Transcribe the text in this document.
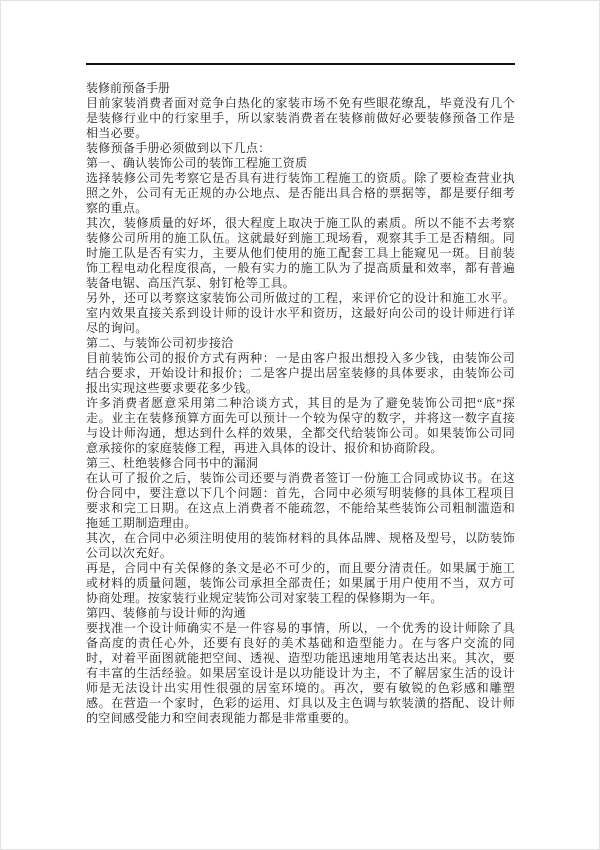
装修前预备手册

目前家装消费者面对竞争白热化的家装市场不免有些眼花缭乱，毕竟没有几个是装修行业中的行家里手，所以家装消费者在装修前做好必要装修预备工作是相当必要。

装修预备手册必须做到以下几点：

第一、确认装饰公司的装饰工程施工资质

选择装修公司先考察它是否具有进行装饰工程施工的资质。除了要检查营业执照之外，公司有无正规的办公地点、是否能出具合格的票据等，都是要仔细考察的重点。

其次，装修质量的好坏，很大程度上取决于施工队的素质。所以不能不去考察装修公司所用的施工队伍。这就最好到施工现场看，观察其手工是否精细。同时施工队是否有实力，主要从他们使用的施工配套工具上能窥见一斑。目前装饰工程电动化程度很高，一般有实力的施工队为了提高质量和效率，都有普遍装备电锯、高压汽泵、射钉枪等工具。

另外，还可以考察这家装饰公司所做过的工程，来评价它的设计和施工水平。室内效果直接关系到设计师的设计水平和资历，这最好向公司的设计师进行详尽的询问。

第二、与装饰公司初步接洽

目前装饰公司的报价方式有两种：一是由客户报出想投入多少钱，由装饰公司结合要求，开始设计和报价；二是客户提出居室装修的具体要求，由装饰公司报出实现这些要求要花多少钱。

许多消费者愿意采用第二种洽谈方式，其目的是为了避免装饰公司把“底”探走。业主在装修预算方面先可以预计一个较为保守的数字，并将这一数字直接与设计师沟通，想达到什么样的效果，全都交代给装饰公司。如果装饰公司同意承接你的家庭装修工程，再进入具体的设计、报价和协商阶段。

第三、杜绝装修合同书中的漏洞

在认可了报价之后，装饰公司还要与消费者签订一份施工合同或协议书。在这份合同中，要注意以下几个问题：首先，合同中必须写明装修的具体工程项目要求和完工日期。在这点上消费者不能疏忽，不能给某些装饰公司粗制滥造和拖延工期制造理由。

其次，在合同中必须注明使用的装饰材料的具体品牌、规格及型号，以防装饰公司以次充好。

再是，合同中有关保修的条文是必不可少的，而且要分清责任。如果属于施工或材料的质量问题，装饰公司承担全部责任；如果属于用户使用不当，双方可协商处理。按家装行业规定装饰公司对家装工程的保修期为一年。

第四、装修前与设计师的沟通

要找准一个设计师确实不是一件容易的事情，所以，一个优秀的设计师除了具备高度的责任心外，还要有良好的美术基础和造型能力。在与客户交流的同时，对着平面图就能把空间、透视、造型功能迅速地用笔表达出来。其次，要有丰富的生活经验。如果居室设计是以功能设计为主，不了解居家生活的设计师是无法设计出实用性很强的居室环境的。再次，要有敏锐的色彩感和雕塑感。在营造一个家时，色彩的运用、灯具以及主色调与软装潢的搭配、设计师的空间感受能力和空间表现能力都是非常重要的。
